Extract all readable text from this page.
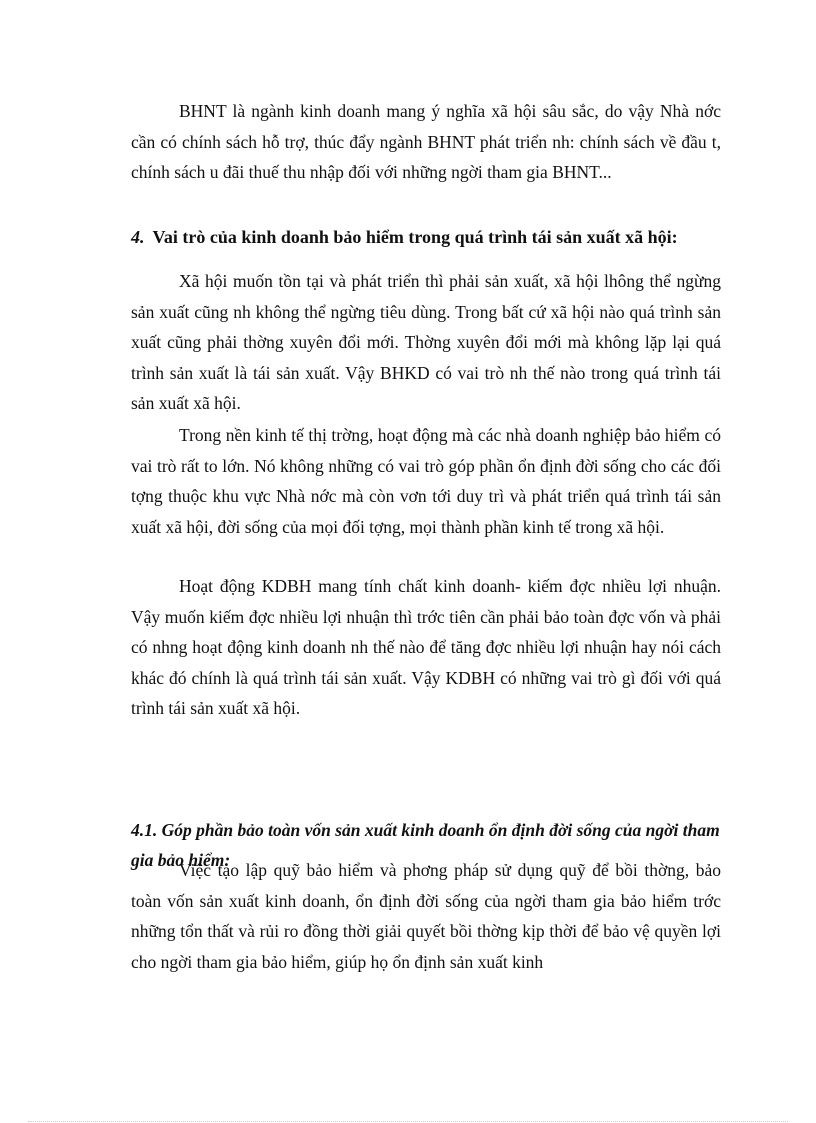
BHNT là ngành kinh doanh mang ý nghĩa xã hội sâu sắc, do vậy Nhà nớc cần có chính sách hỗ trợ, thúc đẩy ngành BHNT phát triển nh: chính sách về đầu t, chính sách u đãi thuế thu nhập đối với những ngời tham gia BHNT...

4. Vai trò của kinh doanh bảo hiểm trong quá trình tái sản xuất xã hội:

Xã hội muốn tồn tại và phát triển thì phải sản xuất, xã hội lhông thể ngừng sản xuất cũng nh không thể ngừng tiêu dùng. Trong bất cứ xã hội nào quá trình sản xuất cũng phải thờng xuyên đổi mới. Thờng xuyên đổi mới mà không lặp lại quá trình sản xuất là tái sản xuất. Vậy BHKD có vai trò nh thế nào trong quá trình tái sản xuất xã hội.

Trong nền kinh tế thị trờng, hoạt động mà các nhà doanh nghiệp bảo hiểm có vai trò rất to lớn. Nó không những có vai trò góp phần ổn định đời sống cho các đối tợng thuộc khu vực Nhà nớc mà còn vơn tới duy trì và phát triển quá trình tái sản xuất xã hội, đời sống của mọi đối tợng, mọi thành phần kinh tế trong xã hội.

Hoạt động KDBH mang tính chất kinh doanh- kiếm đợc nhiều lợi nhuận. Vậy muốn kiếm đợc nhiều lợi nhuận thì trớc tiên cần phải bảo toàn đợc vốn và phải có nhng hoạt động kinh doanh nh thế nào để tăng đợc nhiều lợi nhuận hay nói cách khác đó chính là quá trình tái sản xuất. Vậy KDBH có những vai trò gì đối với quá trình tái sản xuất xã hội.

4.1. Góp phần bảo toàn vốn sản xuất kinh doanh ổn định đời sống của ngời tham gia bảo hiểm:

Việc tạo lập quỹ bảo hiểm và phơng pháp sử dụng quỹ để bồi thờng, bảo toàn vốn sản xuất kinh doanh, ổn định đời sống của ngời tham gia bảo hiểm trớc những tổn thất và rủi ro đồng thời giải quyết bồi thờng kịp thời để bảo vệ quyền lợi cho ngời tham gia bảo hiểm, giúp họ ổn định sản xuất kinh
